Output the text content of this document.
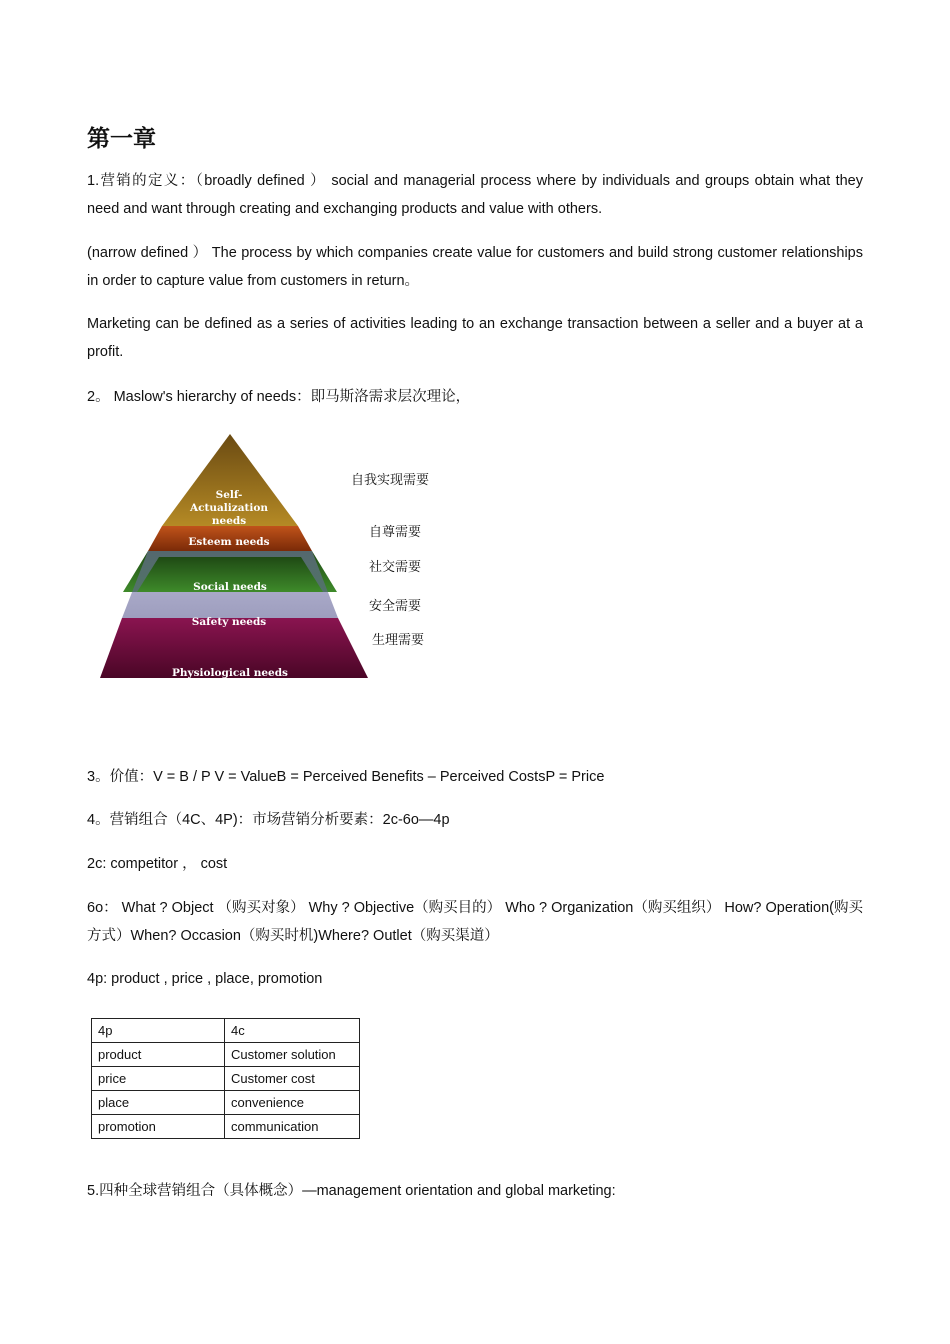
第一章
1.营销的定义：（broadly defined ） social and managerial process where by individuals and groups obtain what they need and want through creating and exchanging products and value with others.
(narrow defined ） The process by which companies create value for customers and build strong customer relationships in order to capture value from customers in return。
Marketing can be defined as a series of activities leading to an exchange transaction between a seller and a buyer at a profit.
2。 Maslow's hierarchy of needs：即马斯洛需求层次理论，
Self-
Actualization
needs
Esteem needs
Social needs
Safety needs
Physiological needs
自我实现需要
自尊需要
社交需要
安全需要
生理需要
3。价值：V = B / P V = ValueB = Perceived Benefits – Perceived CostsP = Price
4。营销组合（4C、4P)：市场营销分析要素：2c-6o—4p
2c: competitor ， cost
6o： What ? Object （购买对象） Why ? Objective（购买目的） Who ? Organization（购买组织） How? Operation(购买方式）When? Occasion（购买时机)Where? Outlet（购买渠道）
4p: product , price , place, promotion
4p	4c
product	Customer solution
price	Customer cost
place	convenience
promotion	communication
5.四种全球营销组合（具体概念）—management orientation and global marketing:
